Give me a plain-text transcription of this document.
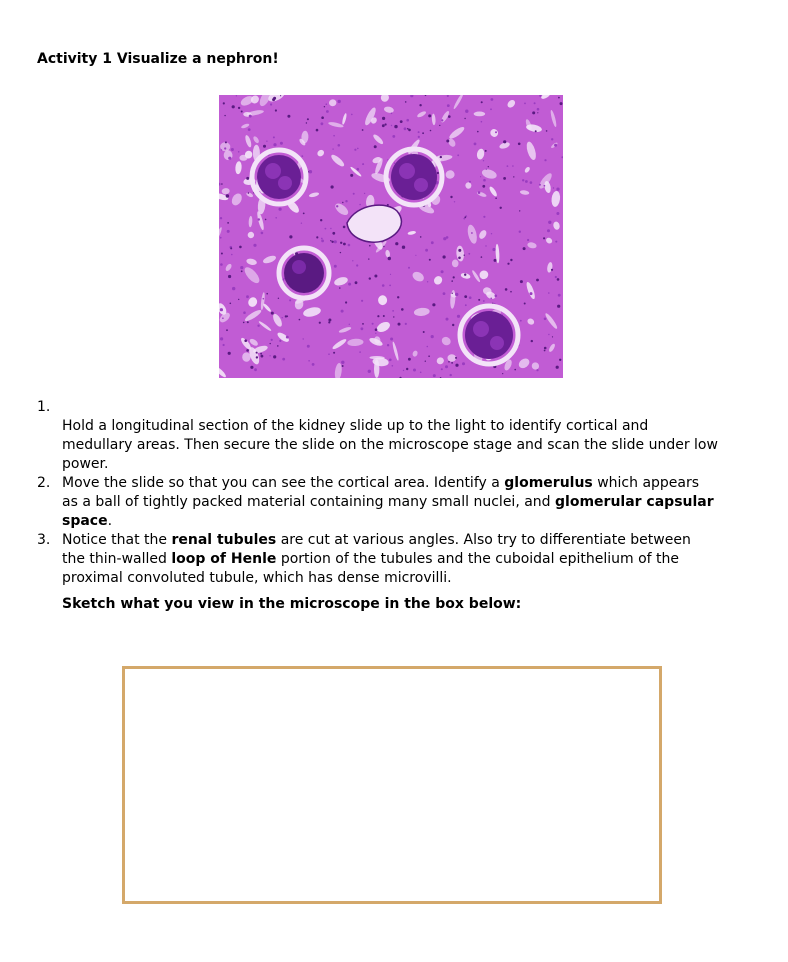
Activity 1 Visualize a nephron!
1.

Hold a longitudinal section of the kidney slide up to the light to identify cortical and
medullary areas. Then secure the slide on the microscope stage and scan the slide under low
power.

2. Move the slide so that you can see the cortical area. Identify a glomerulus which appears
as a ball of tightly packed material containing many small nuclei, and glomerular capsular
space.
3. Notice that the renal tubules are cut at various angles. Also try to differentiate between
the thin-walled loop of Henle portion of the tubules and the cuboidal epithelium of the
proximal convoluted tubule, which has dense microvilli.
Sketch what you view in the microscope in the box below:
